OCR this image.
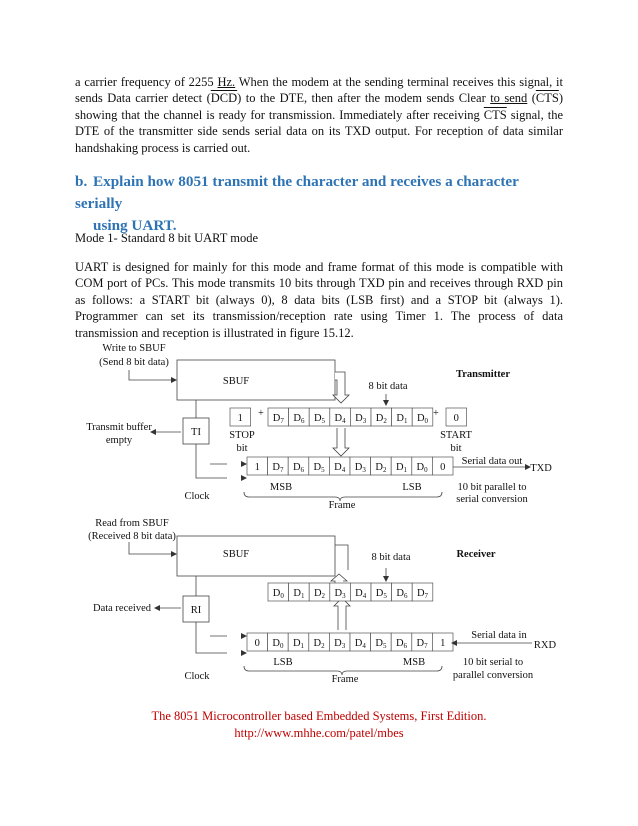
a carrier frequency of 2255 Hz. When the modem at the sending terminal receives this signal, it sends Data carrier detect $(\overline{DCD})$ to the DTE, then after the modem sends Clear to send $(\overline{CTS})$ showing that the channel is ready for transmission. Immediately after receiving $\overline{CTS}$ signal, the DTE of the transmitter side sends serial data on its TXD output. For reception of data similar handshaking process is carried out.

b. Explain how 8051 transmit the character and receives a character serially
using UART.

Mode 1- Standard 8 bit UART mode

UART is designed for mainly for this mode and frame format of this mode is compatible with COM port of PCs. This mode transmits 10 bits through TXD pin and receives through RXD pin as follows: a START bit (always 0), 8 data bits (LSB first) and a STOP bit (always 1). Programmer can set its transmission/reception rate using Timer 1. The process of data transmission and reception is illustrated in figure 15.12.

1 + D7 D6 D5 D4 D3 D2 D1 D0
+ 0
1 D7 D6 D5 D4 D3 D2 D1 D0 0
D0 D1 D2 D3 D4 D5 D6 D7
0 D0 D1 D2 D3 D4 D5 D6 D7 1
Write to SBUF
(Send 8 bit data)
SBUF
Transmitter
8 bit data
Transmit buffer
empty
TI	STOP
bit
START
bit
MSB	LSB
Frame
Clock
Serial data out
TXD
10 bit parallel to
serial conversion
Read from SBUF
(Received 8 bit data)
SBUF	Receiver
8 bit data
Data received	RI
LSB	MSB
Frame
Clock
Serial data in
RXD
10 bit serial to
parallel conversion

The 8051 Microcontroller based Embedded Systems, First Edition.

http://www.mhhe.com/patel/mbes
